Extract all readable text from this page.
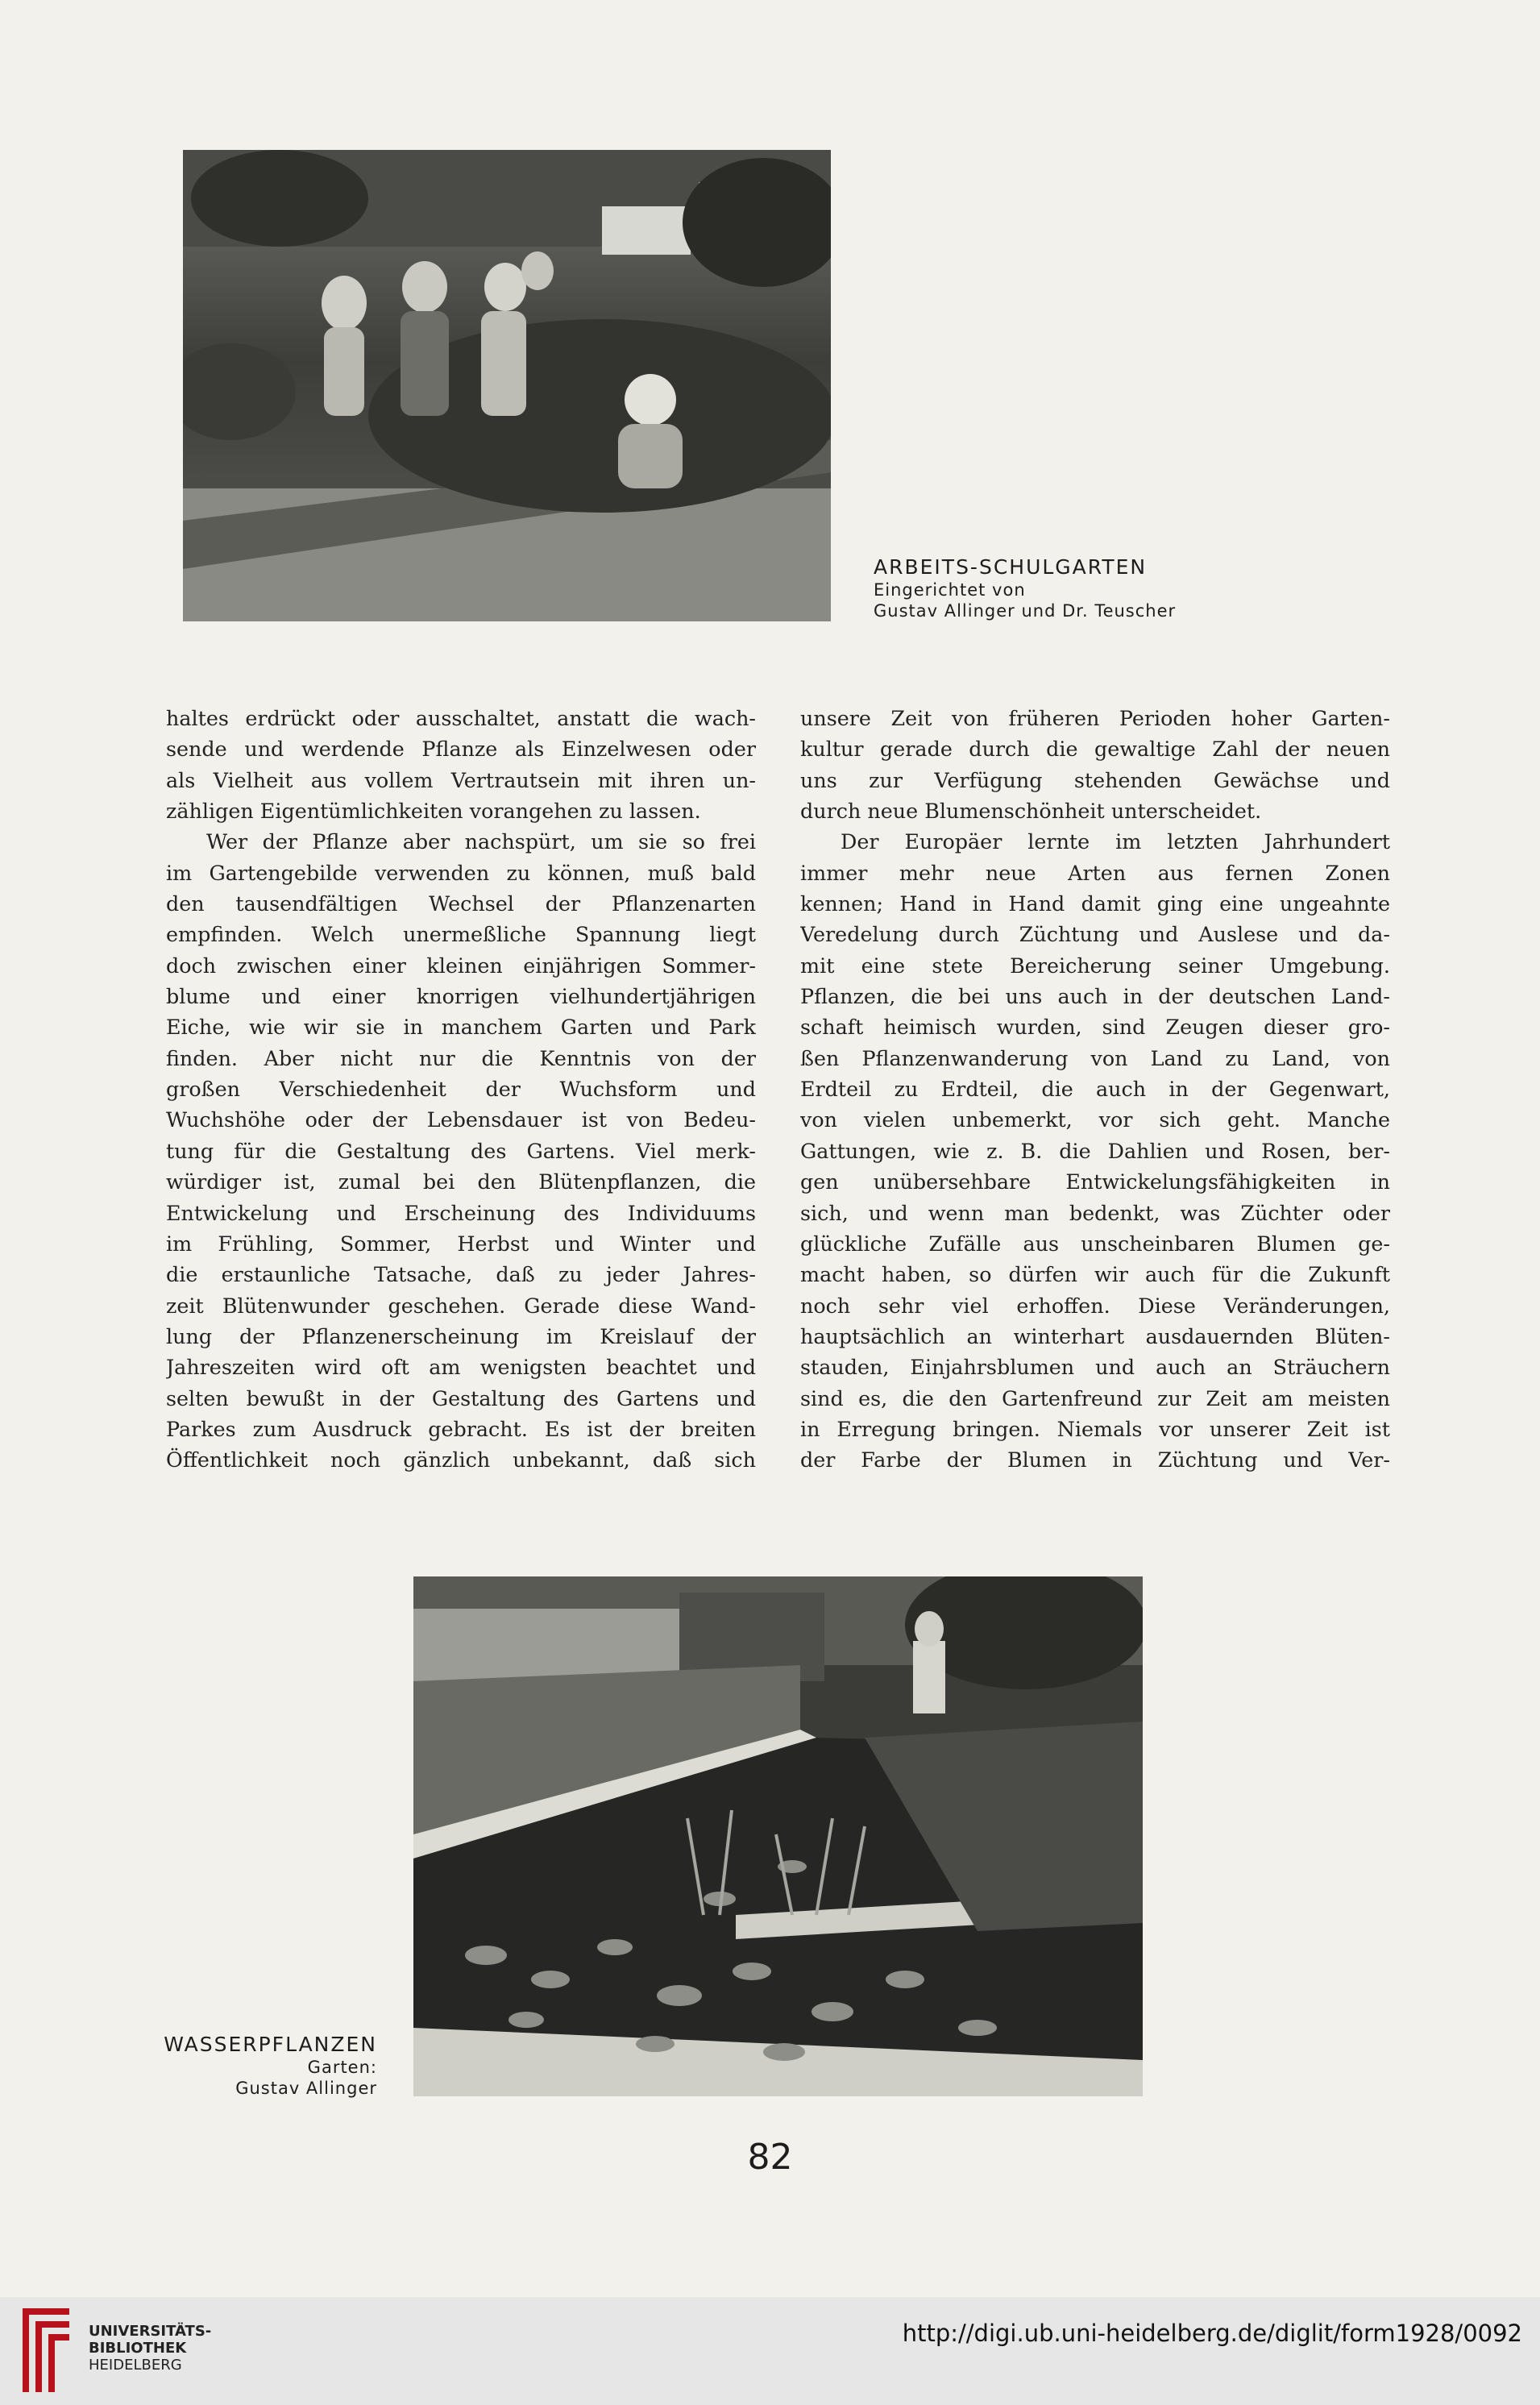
ARBEITS-SCHULGARTEN
Eingerichtet von
Gustav Allinger und Dr. Teuscher
haltes erdrückt oder ausschaltet, anstatt die wach-
sende und werdende Pflanze als Einzelwesen oder
als Vielheit aus vollem Vertrautsein mit ihren un-
zähligen Eigentümlichkeiten vorangehen zu lassen.
Wer der Pflanze aber nachspürt, um sie so frei
im Gartengebilde verwenden zu können, muß bald
den tausendfältigen Wechsel der Pflanzenarten
empfinden. Welch unermeßliche Spannung liegt
doch zwischen einer kleinen einjährigen Sommer-
blume und einer knorrigen vielhundertjährigen
Eiche, wie wir sie in manchem Garten und Park
finden. Aber nicht nur die Kenntnis von der
großen Verschiedenheit der Wuchsform und
Wuchshöhe oder der Lebensdauer ist von Bedeu-
tung für die Gestaltung des Gartens. Viel merk-
würdiger ist, zumal bei den Blütenpflanzen, die
Entwickelung und Erscheinung des Individuums
im Frühling, Sommer, Herbst und Winter und
die erstaunliche Tatsache, daß zu jeder Jahres-
zeit Blütenwunder geschehen. Gerade diese Wand-
lung der Pflanzenerscheinung im Kreislauf der
Jahreszeiten wird oft am wenigsten beachtet und
selten bewußt in der Gestaltung des Gartens und
Parkes zum Ausdruck gebracht. Es ist der breiten
Öffentlichkeit noch gänzlich unbekannt, daß sich
unsere Zeit von früheren Perioden hoher Garten-
kultur gerade durch die gewaltige Zahl der neuen
uns zur Verfügung stehenden Gewächse und
durch neue Blumenschönheit unterscheidet.
Der Europäer lernte im letzten Jahrhundert
immer mehr neue Arten aus fernen Zonen
kennen; Hand in Hand damit ging eine ungeahnte
Veredelung durch Züchtung und Auslese und da-
mit eine stete Bereicherung seiner Umgebung.
Pflanzen, die bei uns auch in der deutschen Land-
schaft heimisch wurden, sind Zeugen dieser gro-
ßen Pflanzenwanderung von Land zu Land, von
Erdteil zu Erdteil, die auch in der Gegenwart,
von vielen unbemerkt, vor sich geht. Manche
Gattungen, wie z. B. die Dahlien und Rosen, ber-
gen unübersehbare Entwickelungsfähigkeiten in
sich, und wenn man bedenkt, was Züchter oder
glückliche Zufälle aus unscheinbaren Blumen ge-
macht haben, so dürfen wir auch für die Zukunft
noch sehr viel erhoffen. Diese Veränderungen,
hauptsächlich an winterhart ausdauernden Blüten-
stauden, Einjahrsblumen und auch an Sträuchern
sind es, die den Gartenfreund zur Zeit am meisten
in Erregung bringen. Niemals vor unserer Zeit ist
der Farbe der Blumen in Züchtung und Ver-
WASSERPFLANZEN
Garten:
Gustav Allinger
82
UNIVERSITÄTS-
BIBLIOTHEK
HEIDELBERG
http://digi.ub.uni-heidelberg.de/diglit/form1928/0092
